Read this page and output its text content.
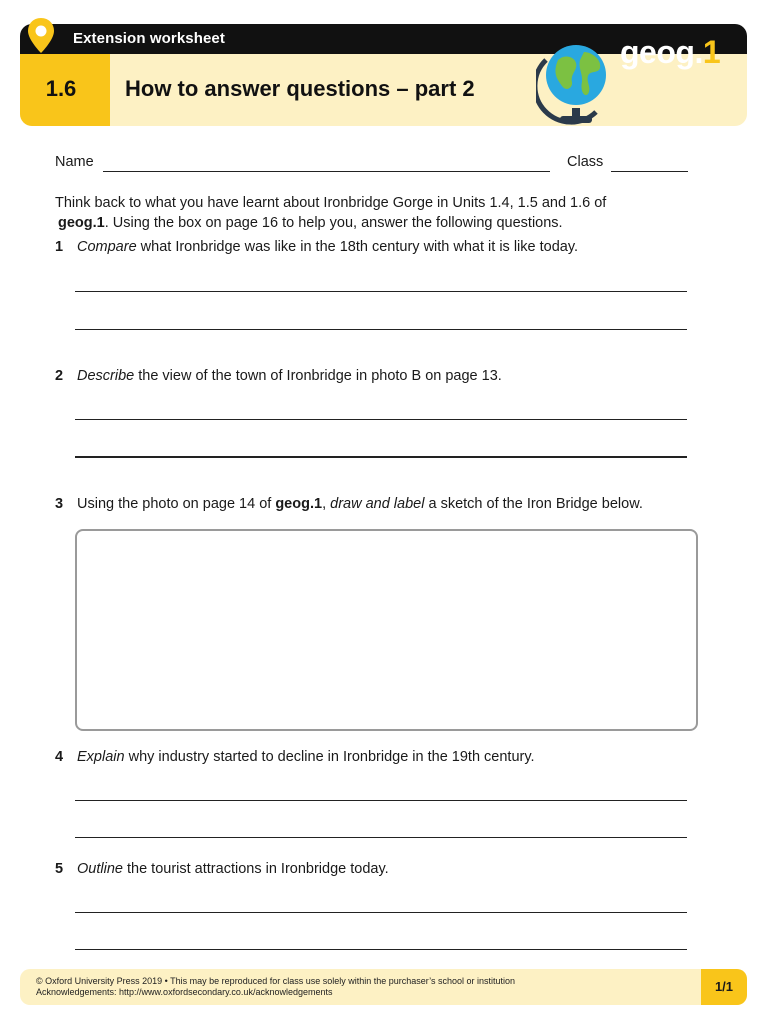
Extension worksheet
1.6	How to answer questions – part 2
geog.1
Name	Class
Think back to what you have learnt about Ironbridge Gorge in Units 1.4, 1.5 and 1.6 of
geog.1. Using the box on page 16 to help you, answer the following questions.
1 Compare what Ironbridge was like in the 18th century with what it is like today.
2 Describe the view of the town of Ironbridge in photo B on page 13.
3 Using the photo on page 14 of geog.1, draw and label a sketch of the Iron Bridge below.
4 Explain why industry started to decline in Ironbridge in the 19th century.
5 Outline the tourist attractions in Ironbridge today.
© Oxford University Press 2019 • This may be reproduced for class use solely within the purchaser’s school or institution
Acknowledgements: http://www.oxfordsecondary.co.uk/acknowledgements	1/1
